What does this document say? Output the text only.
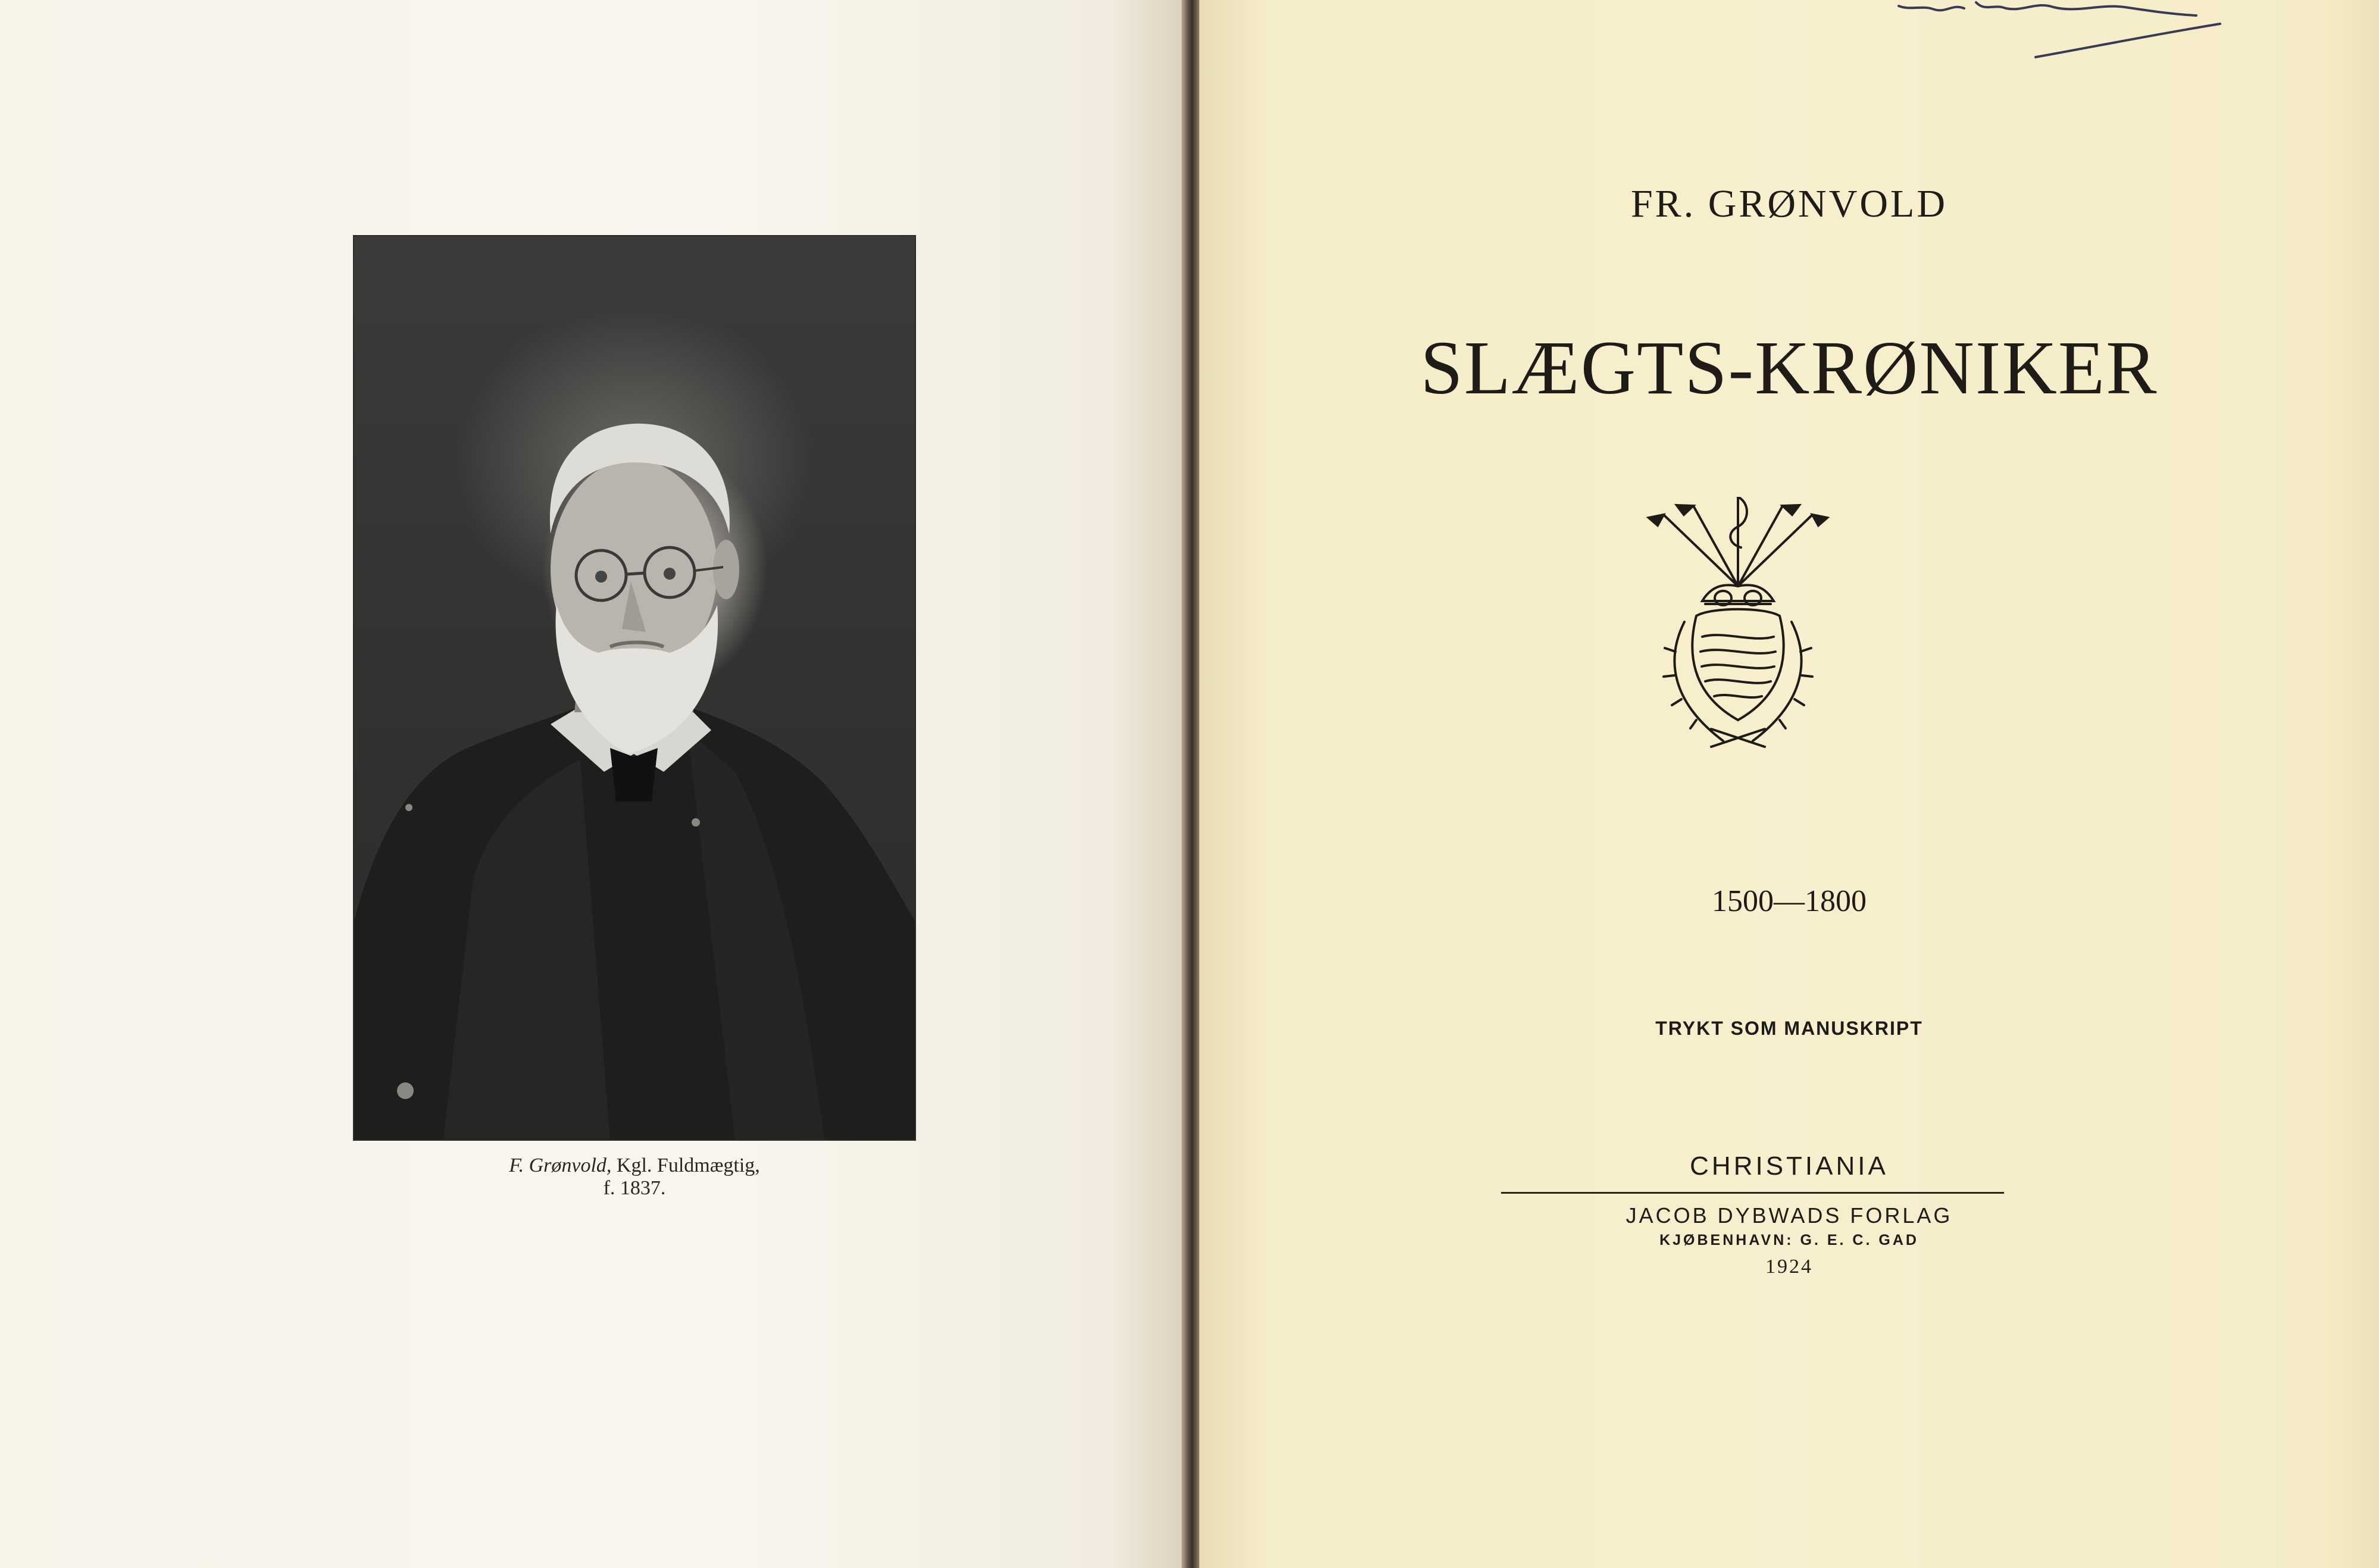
F. Grønvold, Kgl. Fuldmægtig,
f. 1837.
FR. GRØNVOLD
SLÆGTS-KRØNIKER
1500—1800
TRYKT SOM MANUSKRIPT
CHRISTIANIA
JACOB DYBWADS FORLAG
KJØBENHAVN: G. E. C. GAD
1924
